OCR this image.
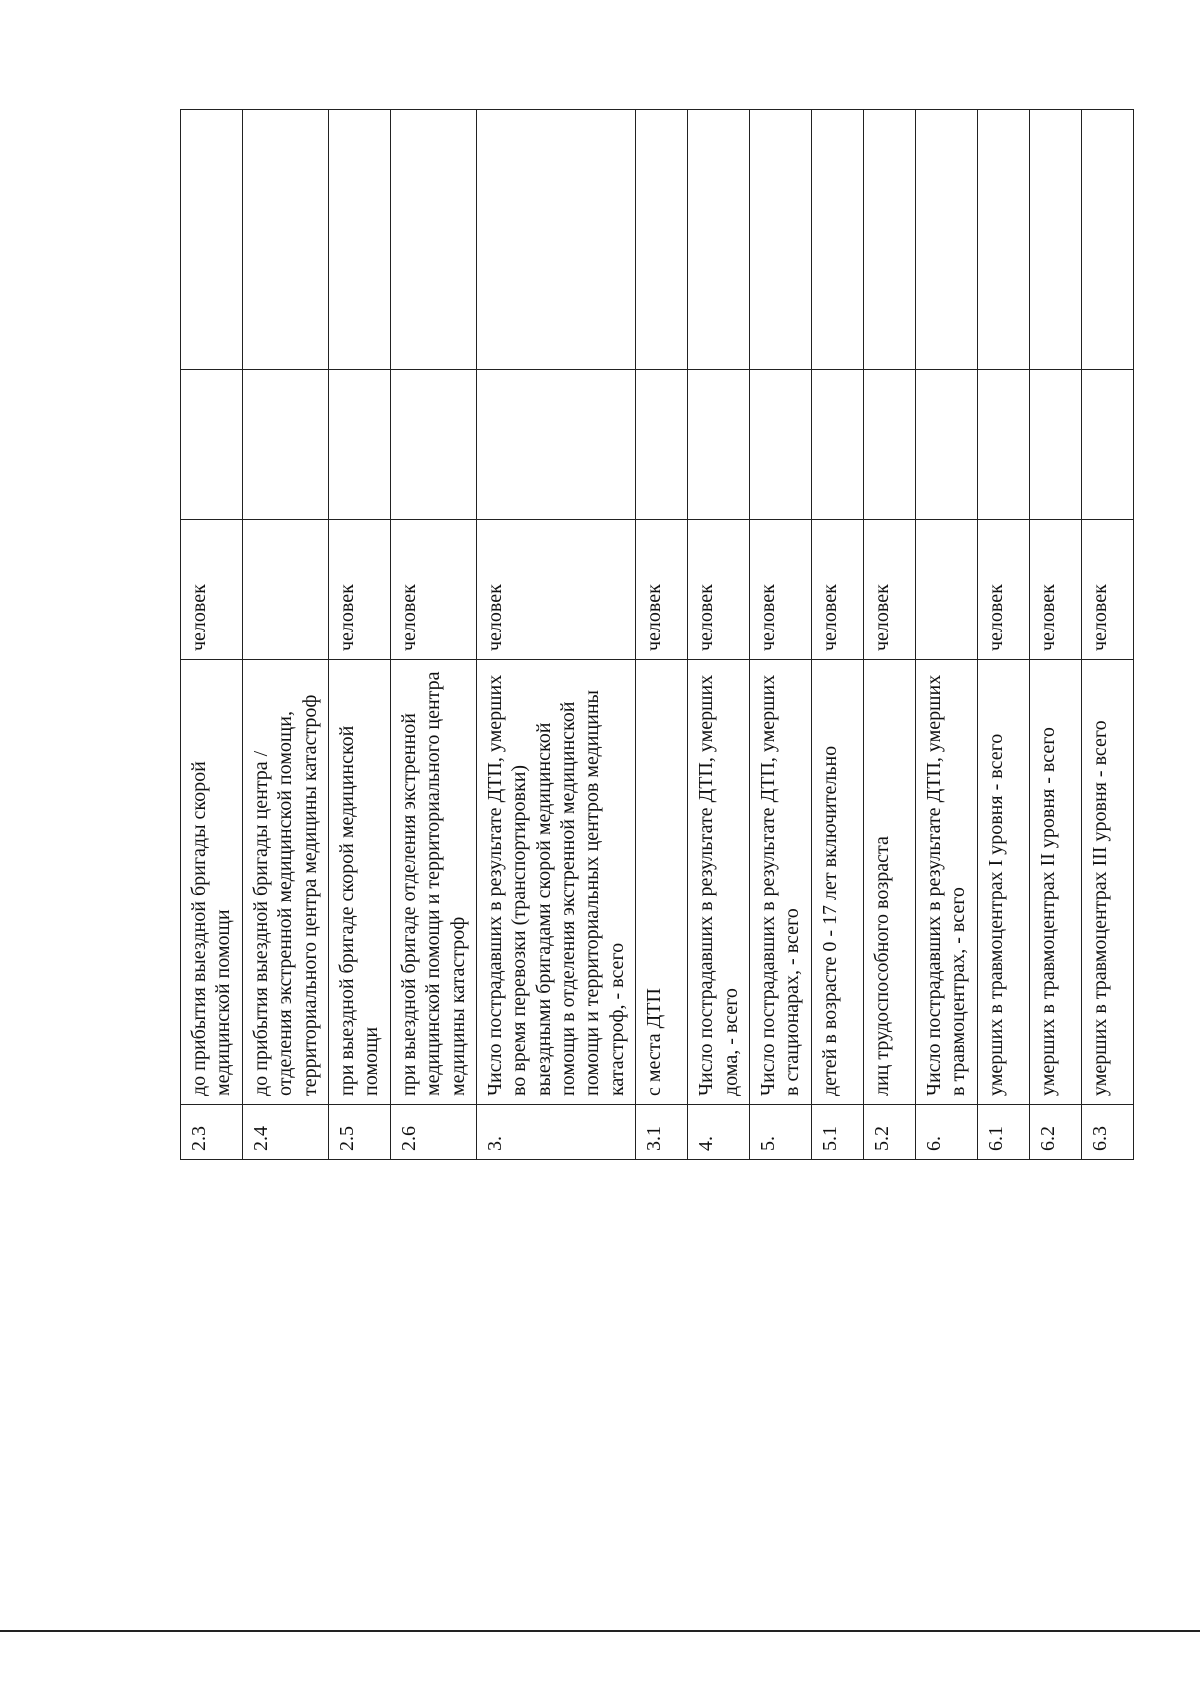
2.3	до прибытия выездной бригады скорой медицинской помощи	человек		
2.4	до прибытия выездной бригады центра / отделения экстренной медицинской помощи, территориального центра медицины катастроф			
2.5	при выездной бригаде скорой медицинской помощи	человек		
2.6	при выездной бригаде отделения экстренной медицинской помощи и территориального центра медицины катастроф	человек		
3.	Число пострадавших в результате ДТП, умерших во время перевозки (транспортировки) выездными бригадами скорой медицинской помощи в отделения экстренной медицинской помощи и территориальных центров медицины катастроф, - всего	человек		
3.1	с места ДТП	человек		
4.	Число пострадавших в результате ДТП, умерших дома, - всего	человек		
5.	Число пострадавших в результате ДТП, умерших в стационарах, - всего	человек		
5.1	детей в возрасте 0 - 17 лет включительно	человек		
5.2	лиц трудоспособного возраста	человек		
6.	Число пострадавших в результате ДТП, умерших в травмоцентрах, - всего			
6.1	умерших в травмоцентрах I уровня - всего	человек		
6.2	умерших в травмоцентрах II уровня - всего	человек		
6.3	умерших в травмоцентрах III уровня - всего	человек		
